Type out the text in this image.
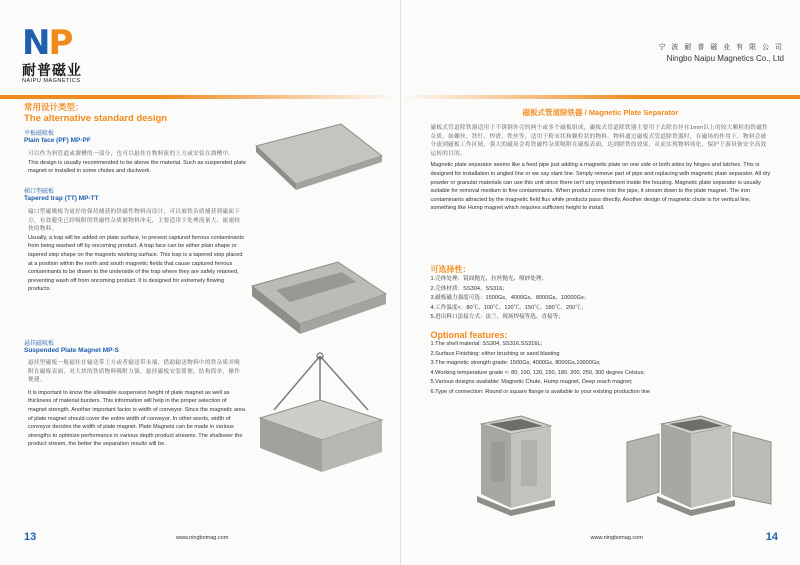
NP
耐普磁业
NAIPU MAGNETICS
常用设计类型：
The alternative standard design
平板磁吸板
Plain face (PF) MP-PF
可以作为斜管道或溜槽的一部分，也可以悬挂在物料流的上方或安装在溜槽中。
This design is usually recommended to be above the material. Such as suspended plate magnet or installed in some chutes and ductwork.
梯口型磁板
Tapered trap (TT) MP-TT
输口型磁吸板为更好的保持捕获的铁磁性物料而设计，可以被铁杂质捕获到磁面下方，有效避免已经吸附的铁磁性杂质被物料冲走，主要适用于处理流量大、流速较快的物料。
Usually, a trap will be added on plate surface, to prevent captured ferrous contaminants from being washed off by oncoming product. A trap face can be either plain shape or tapered step shape on the magnets working surface. This trap is a tapered step placed at a position within the north and south magnetic fields that cause captured ferrous contaminants to be drawn to the underside of the trap where they are safely retained, preventing wash off from oncoming product. It is designed for extremely flowing products.
悬挂磁吸板
Suspended Plate Magnet MP-S
悬挂型磁板一般悬挂在输送带上方或者输送带末端，借助输送物料中的铁杂质并吸附在磁板表面，对大块的铁质物料吸附力强，悬挂磁板安装简便，结构简单，操作便捷。
It is important to know the allowable suspension height of plate magnet as well as thickness of material burders. This information will help in the proper selection of magnet strength. Another important factor is width of conveyor. Since the magnetic area of plate magnet should cover the entire width of conveyor. In other words, width of conveyor decides the width of plate magnet. Plate Magnets can be made in various strengths to optimize performance in various depth product streams. The shallower the product stream, the better the separation results will be.
13	www.ningbomag.com
宁 波 耐 普 磁 业 有 限 公 司
Ningbo Naipu Magnetics Co., Ltd
磁板式管道除铁器 / Magnetic Plate Separator
磁板式管道除铁器适用于不锈钢外壳的两个或多个磁板组成，磁板式管道除铁器主要用于去除直径在1mm以上的较大颗粒的铁磁性杂质，如螺丝、铁钉、焊渣、铁丝等，适用于粉末状和颗粒状的物料。物料通过磁板式管道除铁器时，在磁场的作用下，物料会被分流到磁板工作区域，强大的磁场会将铁磁性杂质吸附在磁板表面，达到除铁的效果，从而实现物料纯化，保护下游设备安全高效运转的目的。
Magnetic plate separator seems like a feed pipe just adding a magnetic plate on one side or both sides by hinges and latches. This is designed for installation in angled line or we say slant line. Simply remove part of pipe and replacing with magnetic plate separator. All dry powder or granular materials can use this unit since there isn't any impediment inside the housing. Magnetic plate separator is usually suitable for removal medium to fine contaminants. When product come into the pipe, it stream down to the plate magnet. The iron contaminants attracted by the magnetic field flux while products pass directly. Another design of magnetic chute is for vertical line, something like Hump magnet which requires sufficient height to install.
可选择性：
1.壳体处理：镜面抛光、拉丝抛光、喷砂处理；
2.壳体材质：SS304、SS316；
3.磁板磁力强度可选：1500Gs、4000Gs、8000Gs、10000Gs；
4.工作温度<：80℃、100℃、120℃、150℃、180℃、200℃；
5.进出料口法接方式：法兰、现场焊接等选、直接等；
Optional features:
1.The shell material: SS304, SS316,SS316L;
2.Surface Finishing: either brushing or sand blasting
3.The magnetic strength grade: 1500Gs, 4000Gs, 8000Gs,10000Gs;
4.Working temperature grade <: 80, 100, 120, 150, 180, 200, 250, 300 degree Celsius;
5.Various designs available: Magnetic Chute, Hump magnet, Deep reach magnet;
6.Type of connection: Round or square flange is available to your existing production line
www.ningbomag.com	14
